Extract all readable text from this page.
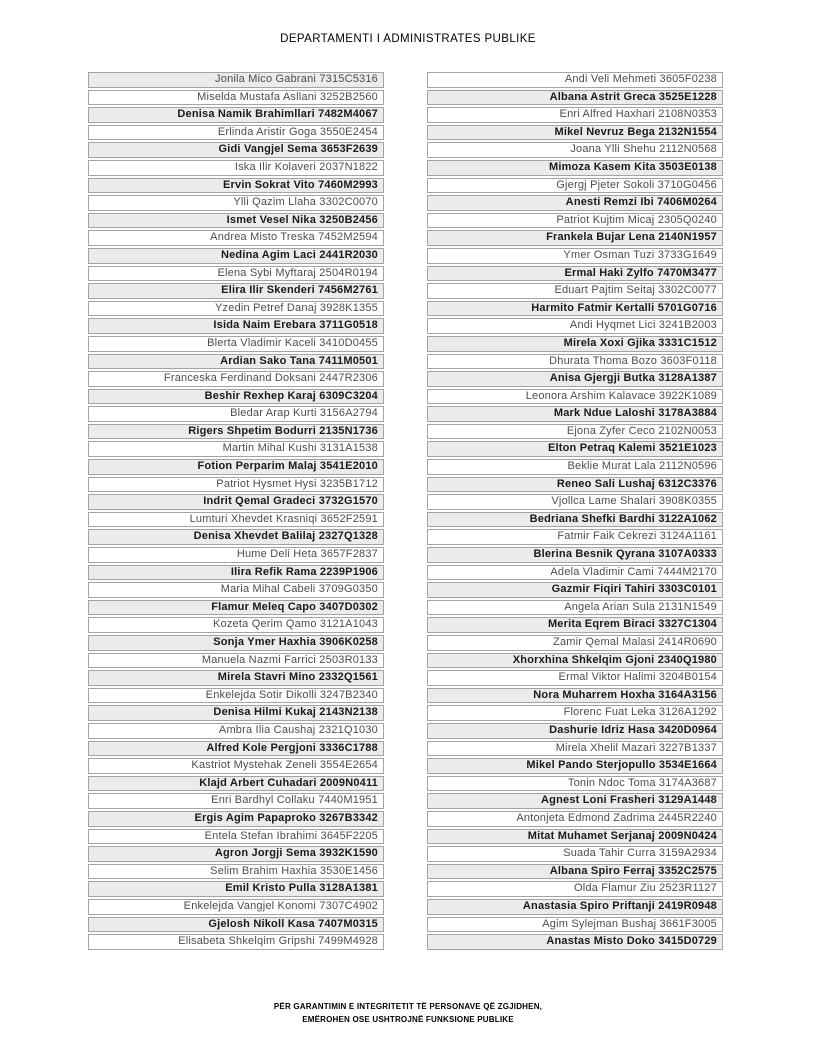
DEPARTAMENTI I ADMINISTRATES PUBLIKE
Jonila Mico Gabrani 7315C5316
Miselda Mustafa Asllani 3252B2560
Denisa Namik Brahimllari 7482M4067
Erlinda Aristir Goga 3550E2454
Gidi Vangjel Sema 3653F2639
Iska Ilir Kolaveri 2037N1822
Ervin Sokrat Vito 7460M2993
Ylli Qazim Llaha 3302C0070
Ismet Vesel Nika 3250B2456
Andrea Misto Treska 7452M2594
Nedina Agim Laci 2441R2030
Elena Sybi Myftaraj 2504R0194
Elira Ilir Skenderi 7456M2761
Yzedin Petref Danaj 3928K1355
Isida Naim Erebara 3711G0518
Blerta Vladimir Kaceli 3410D0455
Ardian Sako Tana 7411M0501
Franceska Ferdinand Doksani 2447R2306
Beshir Rexhep Karaj 6309C3204
Bledar Arap Kurti 3156A2794
Rigers Shpetim Bodurri 2135N1736
Martin Mihal Kushi 3131A1538
Fotion Perparim Malaj 3541E2010
Patriot Hysmet Hysi 3235B1712
Indrit Qemal Gradeci 3732G1570
Lumturi Xhevdet Krasniqi 3652F2591
Denisa Xhevdet Balilaj 2327Q1328
Hume Deli Heta 3657F2837
Ilira Refik Rama 2239P1906
Maria Mihal Cabeli 3709G0350
Flamur Meleq Capo 3407D0302
Kozeta Qerim Qamo 3121A1043
Sonja Ymer Haxhia 3906K0258
Manuela Nazmi Farrici 2503R0133
Mirela Stavri Mino 2332Q1561
Enkelejda Sotir Dikolli 3247B2340
Denisa Hilmi Kukaj 2143N2138
Ambra Ilia Caushaj 2321Q1030
Alfred Kole Pergjoni 3336C1788
Kastriot Mystehak Zeneli 3554E2654
Klajd Arbert Cuhadari 2009N0411
Enri Bardhyl Collaku 7440M1951
Ergis Agim Papaproko 3267B3342
Entela Stefan Ibrahimi 3645F2205
Agron Jorgji Sema 3932K1590
Selim Brahim Haxhia 3530E1456
Emil Kristo Pulla 3128A1381
Enkelejda Vangjel Konomi 7307C4902
Gjelosh Nikoll Kasa 7407M0315
Elisabeta Shkelqim Gripshi 7499M4928
Andi Veli Mehmeti 3605F0238
Albana Astrit Greca 3525E1228
Enri Alfred Haxhari 2108N0353
Mikel Nevruz Bega 2132N1554
Joana Ylli Shehu 2112N0568
Mimoza Kasem Kita 3503E0138
Gjergj Pjeter Sokoli 3710G0456
Anesti Remzi Ibi 7406M0264
Patriot Kujtim Micaj 2305Q0240
Frankela Bujar Lena 2140N1957
Ymer Osman Tuzi 3733G1649
Ermal Haki Zylfo 7470M3477
Eduart Pajtim Seitaj 3302C0077
Harmito Fatmir Kertalli 5701G0716
Andi Hyqmet Lici 3241B2003
Mirela Xoxi Gjika 3331C1512
Dhurata Thoma Bozo 3603F0118
Anisa Gjergji Butka 3128A1387
Leonora Arshim Kalavace 3922K1089
Mark Ndue Laloshi 3178A3884
Ejona Zyfer Ceco 2102N0053
Elton Petraq Kalemi 3521E1023
Beklie Murat Lala 2112N0596
Reneo Sali Lushaj 6312C3376
Vjollca Lame Shalari 3908K0355
Bedriana Shefki Bardhi 3122A1062
Fatmir Faik Cekrezi 3124A1161
Blerina Besnik Qyrana 3107A0333
Adela Vladimir Cami 7444M2170
Gazmir Fiqiri Tahiri 3303C0101
Angela Arian Sula 2131N1549
Merita Eqrem Biraci 3327C1304
Zamir Qemal Malasi 2414R0690
Xhorxhina Shkelqim Gjoni 2340Q1980
Ermal Viktor Halimi 3204B0154
Nora Muharrem Hoxha 3164A3156
Florenc Fuat Leka 3126A1292
Dashurie Idriz Hasa 3420D0964
Mirela Xhelil Mazari 3227B1337
Mikel Pando Sterjopullo 3534E1664
Tonin Ndoc Toma 3174A3687
Agnest Loni Frasheri 3129A1448
Antonjeta Edmond Zadrima 2445R2240
Mitat Muhamet Serjanaj 2009N0424
Suada Tahir Curra 3159A2934
Albana Spiro Ferraj 3352C2575
Olda Flamur Ziu 2523R1127
Anastasia Spiro Priftanji 2419R0948
Agim Sylejman Bushaj 3661F3005
Anastas Misto Doko 3415D0729
PËR GARANTIMIN E INTEGRITETIT TË PERSONAVE QË ZGJIDHEN,
EMËROHEN OSE USHTROJNË FUNKSIONE PUBLIKE
